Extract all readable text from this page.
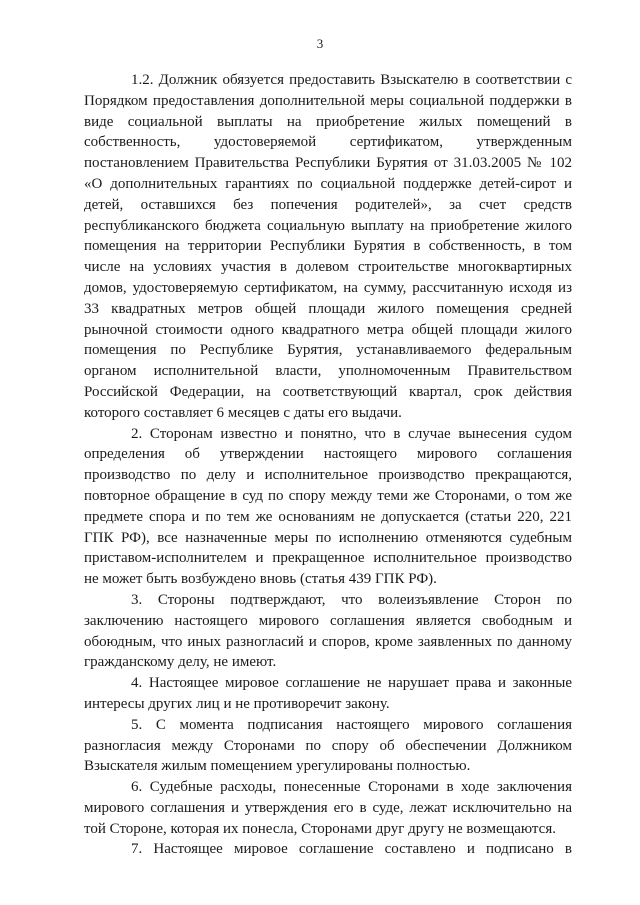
3
1.2. Должник обязуется предоставить Взыскателю в соответствии с
Порядком предоставления дополнительной меры социальной поддержки в
виде социальной выплаты на приобретение жилых помещений в
собственность, удостоверяемой сертификатом, утвержденным
постановлением Правительства Республики Бурятия от 31.03.2005 № 102
«О дополнительных гарантиях по социальной поддержке детей-сирот и
детей, оставшихся без попечения родителей», за счет средств
республиканского бюджета социальную выплату на приобретение жилого
помещения на территории Республики Бурятия в собственность, в том
числе на условиях участия в долевом строительстве многоквартирных
домов, удостоверяемую сертификатом, на сумму, рассчитанную исходя из
33 квадратных метров общей площади жилого помещения средней
рыночной стоимости одного квадратного метра общей площади жилого
помещения по Республике Бурятия, устанавливаемого федеральным
органом исполнительной власти, уполномоченным Правительством
Российской Федерации, на соответствующий квартал, срок действия
которого составляет 6 месяцев с даты его выдачи.
2. Сторонам известно и понятно, что в случае вынесения судом
определения об утверждении настоящего мирового соглашения
производство по делу и исполнительное производство прекращаются,
повторное обращение в суд по спору между теми же Сторонами, о том же
предмете спора и по тем же основаниям не допускается (статьи 220, 221
ГПК РФ), все назначенные меры по исполнению отменяются судебным
приставом-исполнителем и прекращенное исполнительное производство
не может быть возбуждено вновь (статья 439 ГПК РФ).
3. Стороны подтверждают, что волеизъявление Сторон по
заключению настоящего мирового соглашения является свободным и
обоюдным, что иных разногласий и споров, кроме заявленных по данному
гражданскому делу, не имеют.
4. Настоящее мировое соглашение не нарушает права и законные
интересы других лиц и не противоречит закону.
5. С момента подписания настоящего мирового соглашения
разногласия между Сторонами по спору об обеспечении Должником
Взыскателя жилым помещением урегулированы полностью.
6. Судебные расходы, понесенные Сторонами в ходе заключения
мирового соглашения и утверждения его в суде, лежат исключительно на
той Стороне, которая их понесла, Сторонами друг другу не возмещаются.
7. Настоящее мировое соглашение составлено и подписано в
